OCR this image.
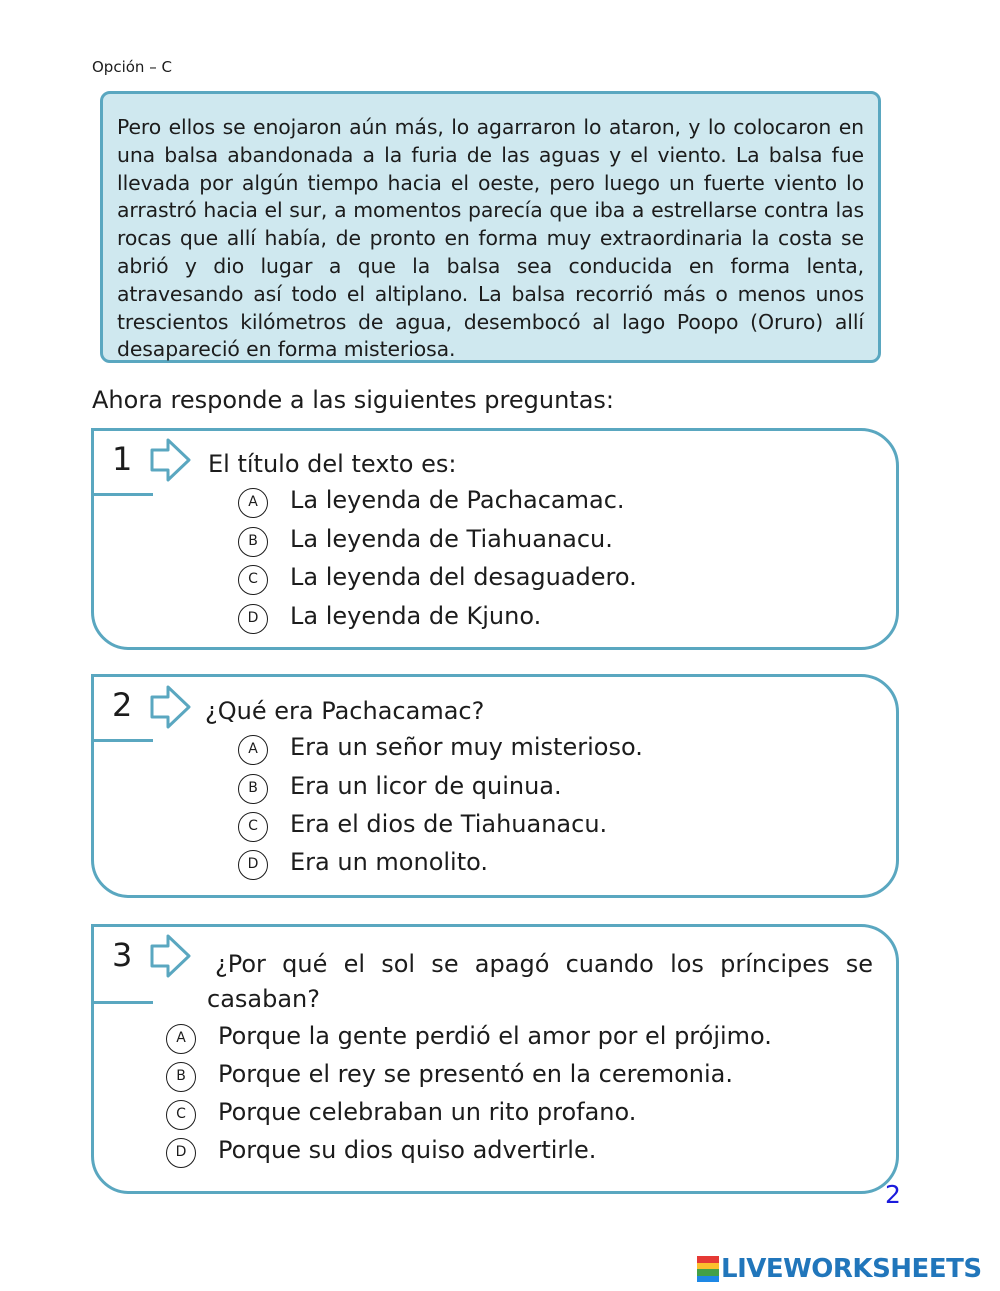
Opción – C

Pero ellos se enojaron aún más, lo agarraron lo ataron, y lo colocaron en una balsa abandonada a la furia de las aguas y el viento. La balsa fue llevada por algún tiempo hacia el oeste, pero luego un fuerte viento lo arrastró hacia el sur, a momentos parecía que iba a estrellarse contra las rocas que allí había, de pronto en forma muy extraordinaria la costa se abrió y dio lugar a que la balsa sea conducida en forma lenta, atravesando así todo el altiplano. La balsa recorrió más o menos unos trescientos kilómetros de agua, desembocó al lago Poopo (Oruro) allí desapareció en forma misteriosa.

Ahora responde a las siguientes preguntas:
1	El título del texto es:
A	La leyenda de Pachacamac.
B	La leyenda de Tiahuanacu.
C	La leyenda del desaguadero.
D	La leyenda de Kjuno.
2	¿Qué era Pachacamac?
A	Era un señor muy misterioso.
B	Era un licor de quinua.
C	Era el dios de Tiahuanacu.
D	Era un monolito.
3	¿Por qué el sol se apagó cuando los príncipes se
casaban?
A	Porque la gente perdió el amor por el prójimo.
B	Porque el rey se presentó en la ceremonia.
C	Porque celebraban un rito profano.
D	Porque su dios quiso advertirle.
2
LIVEWORKSHEETS
